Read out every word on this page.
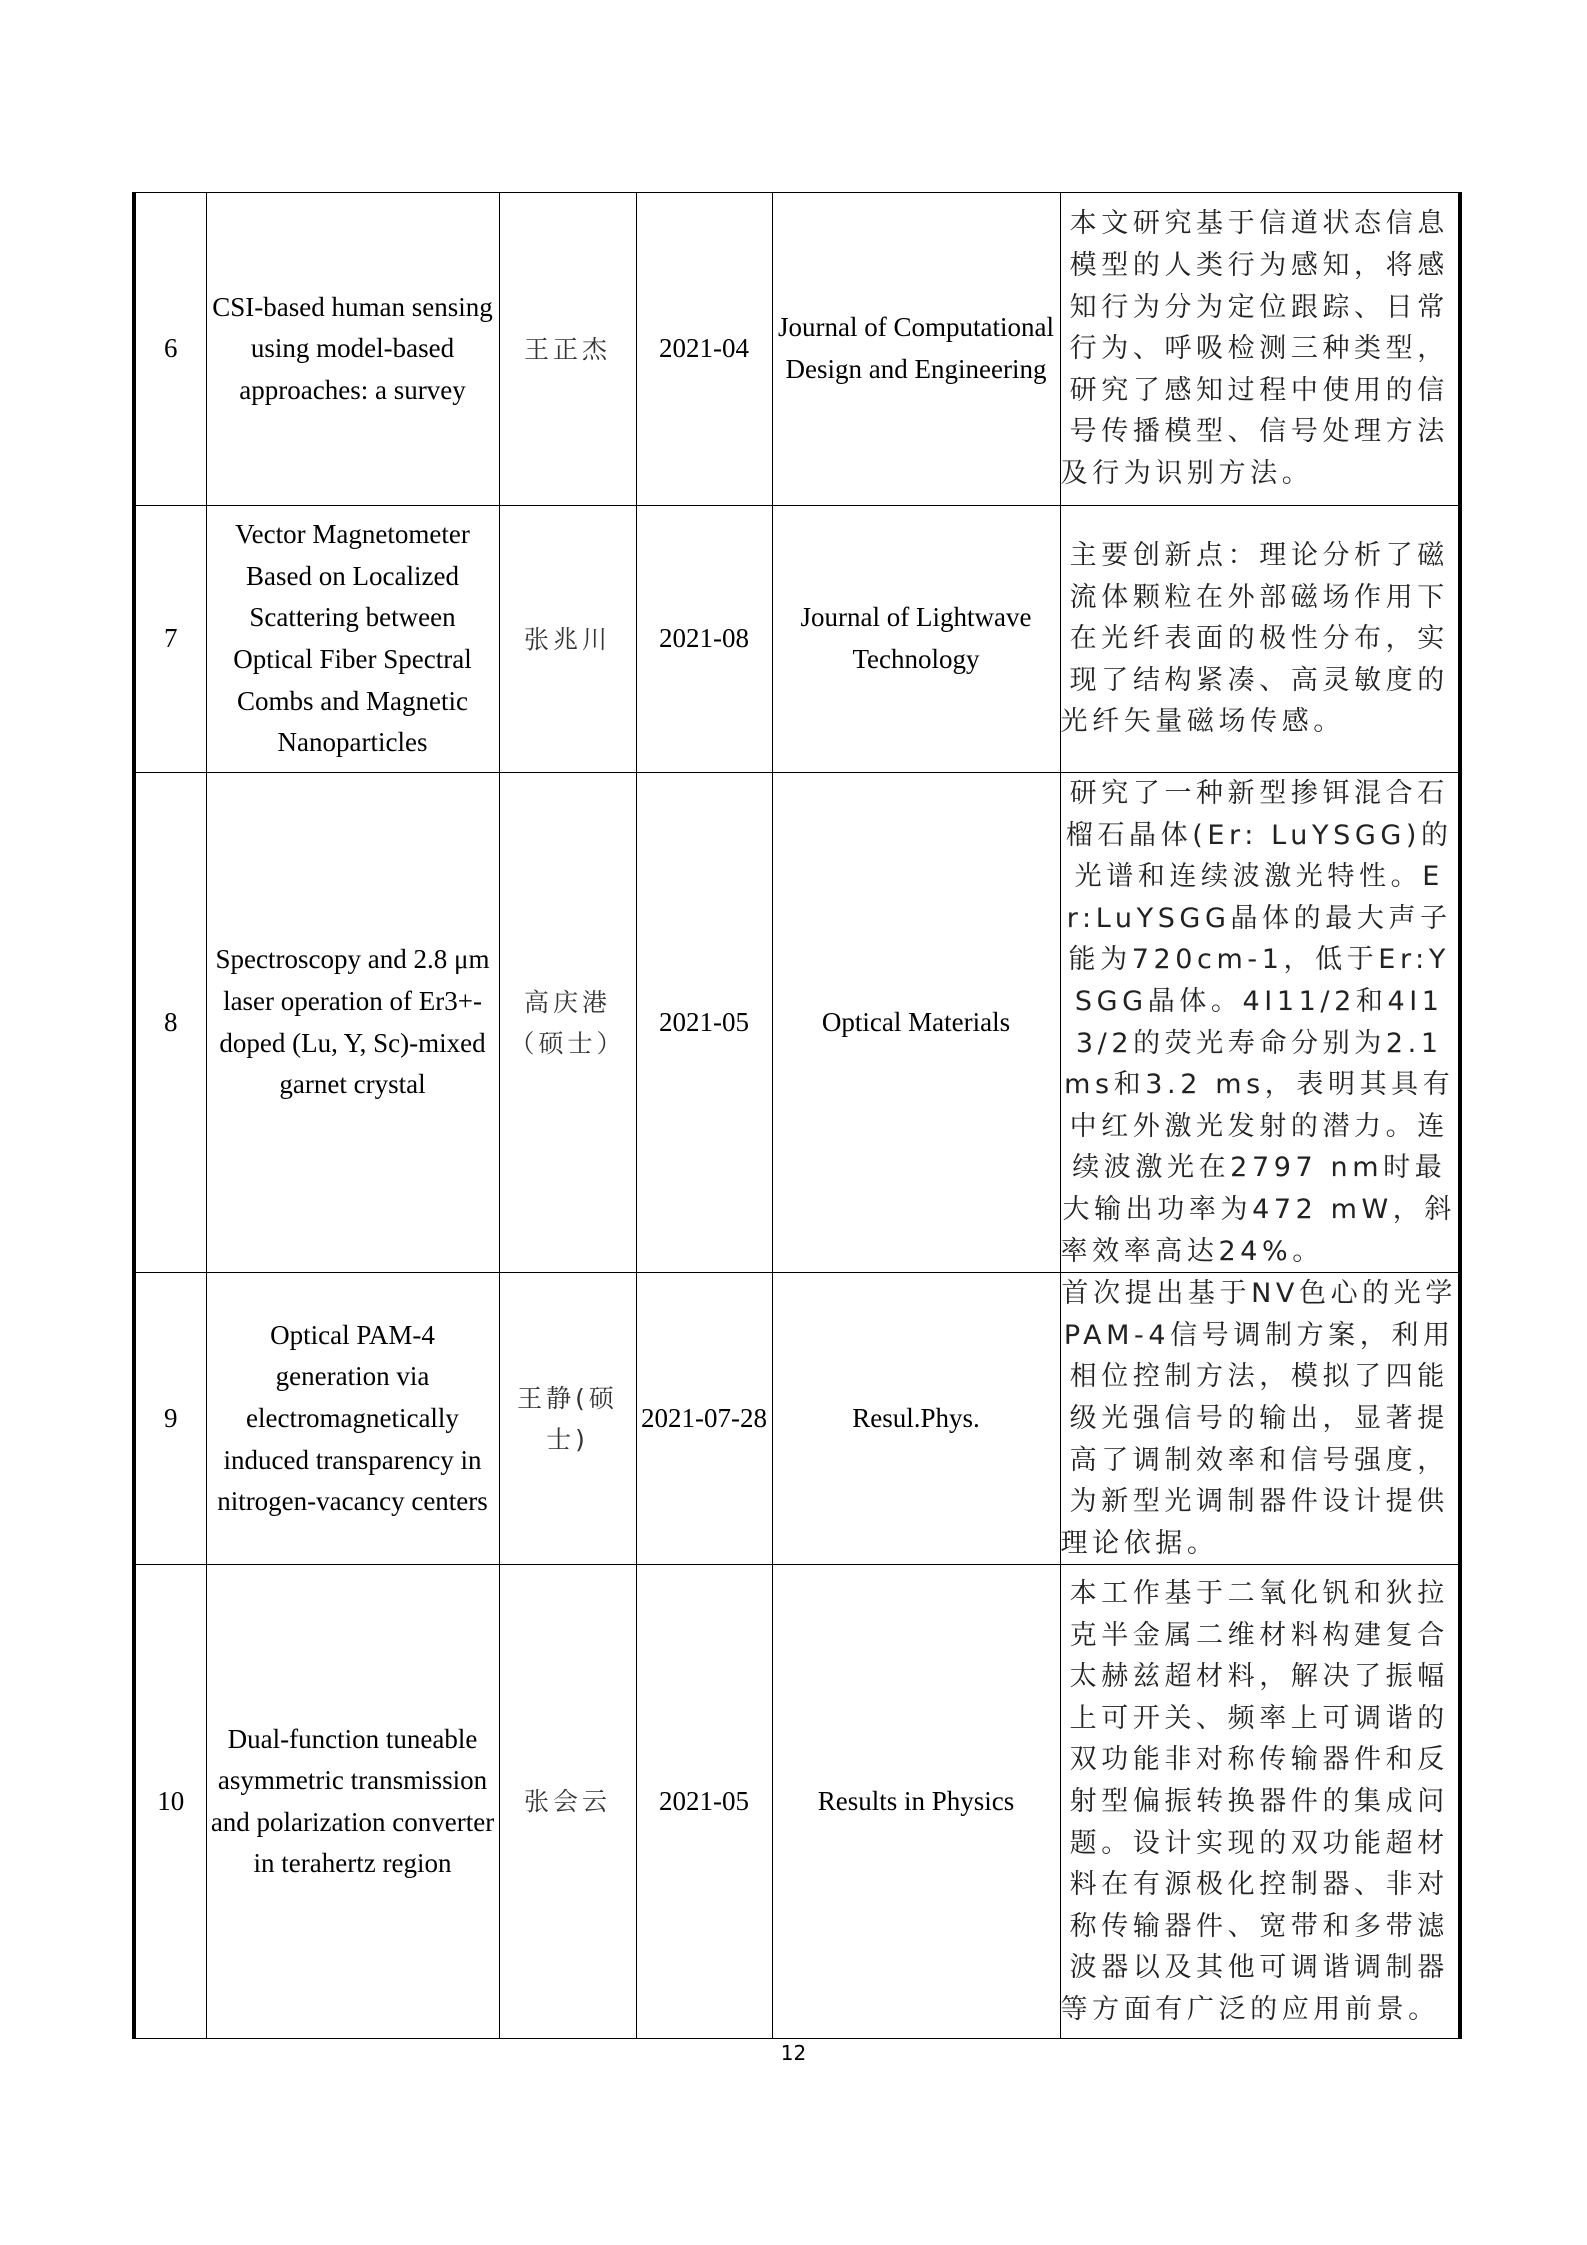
6	CSI-based human sensing using model-based approaches: a survey	王正杰	2021-04	Journal of Computational Design and Engineering	本文研究基于信道状态信息模型的人类行为感知，将感知行为分为定位跟踪、日常行为、呼吸检测三种类型，研究了感知过程中使用的信号传播模型、信号处理方法及行为识别方法。

7	Vector Magnetometer Based on Localized Scattering between Optical Fiber Spectral Combs and Magnetic Nanoparticles	张兆川	2021-08	Journal of Lightwave Technology	主要创新点：理论分析了磁流体颗粒在外部磁场作用下在光纤表面的极性分布，实现了结构紧凑、高灵敏度的光纤矢量磁场传感。

8	Spectroscopy and 2.8 μm laser operation of Er3+-doped (Lu, Y, Sc)-mixed garnet crystal	高庆港（硕士）	2021-05	Optical Materials	研究了一种新型掺铒混合石榴石晶体(Er: LuYSGG)的光谱和连续波激光特性。Er:LuYSGG晶体的最大声子能为720cm-1，低于Er:YSGG晶体。4I11/2和4I13/2的荧光寿命分别为2.1 ms和3.2 ms，表明其具有中红外激光发射的潜力。连续波激光在2797 nm时最大输出功率为472 mW，斜率效率高达24%。

9	Optical PAM-4 generation via electromagnetically induced transparency in nitrogen-vacancy centers	王静(硕士)	2021-07-28	Resul.Phys.	首次提出基于NV色心的光学PAM-4信号调制方案，利用相位控制方法，模拟了四能级光强信号的输出，显著提高了调制效率和信号强度，为新型光调制器件设计提供理论依据。

10	Dual-function tuneable asymmetric transmission and polarization converter in terahertz region	张会云	2021-05	Results in Physics	本工作基于二氧化钒和狄拉克半金属二维材料构建复合太赫兹超材料，解决了振幅上可开关、频率上可调谐的双功能非对称传输器件和反射型偏振转换器件的集成问题。设计实现的双功能超材料在有源极化控制器、非对称传输器件、宽带和多带滤波器以及其他可调谐调制器等方面有广泛的应用前景。
12
